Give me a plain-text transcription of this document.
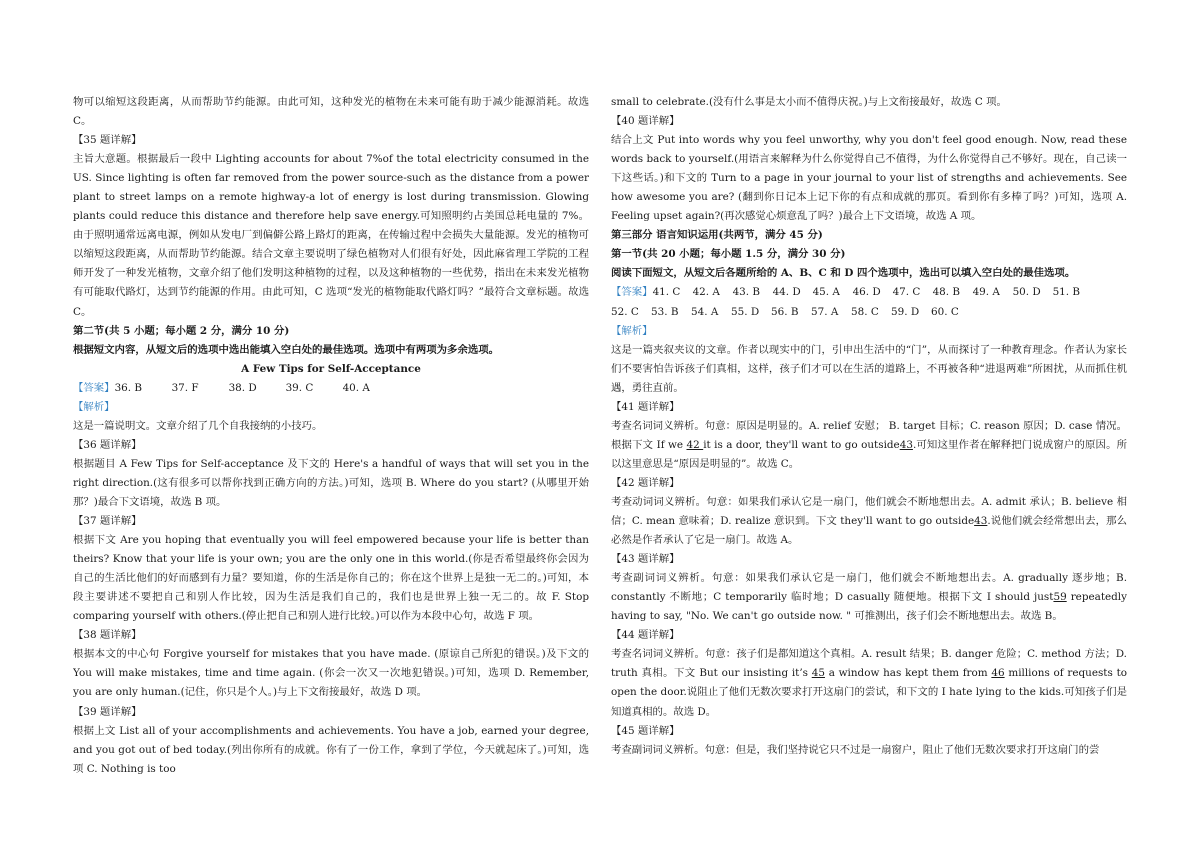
物可以缩短这段距离，从而帮助节约能源。由此可知，这种发光的植物在未来可能有助于减少能源消耗。故选C。

【35 题详解】

主旨大意题。根据最后一段中 Lighting accounts for about 7%of the total electricity consumed in the US. Since lighting is often far removed from the power source-such as the distance from a power plant to street lamps on a remote highway-a lot of energy is lost during transmission. Glowing plants could reduce this distance and therefore help save energy.可知照明约占美国总耗电量的 7%。由于照明通常远离电源，例如从发电厂到偏僻公路上路灯的距离，在传输过程中会损失大量能源。发光的植物可以缩短这段距离，从而帮助节约能源。结合文章主要说明了绿色植物对人们很有好处，因此麻省理工学院的工程师开发了一种发光植物，文章介绍了他们发明这种植物的过程，以及这种植物的一些优势，指出在未来发光植物有可能取代路灯，达到节约能源的作用。由此可知，C 选项“发光的植物能取代路灯吗？”最符合文章标题。故选 C。

第二节(共 5 小题；每小题 2 分，满分 10 分)

根据短文内容，从短文后的选项中选出能填入空白处的最佳选项。选项中有两项为多余选项。

A Few Tips for Self-Acceptance

【答案】36. B	37. F	38. D	39. C	40. A

【解析】

这是一篇说明文。文章介绍了几个自我接纳的小技巧。

【36 题详解】

根据题目 A Few Tips for Self-acceptance 及下文的 Here's a handful of ways that will set you in the right direction.(这有很多可以帮你找到正确方向的方法。)可知，选项 B. Where do you start? (从哪里开始那？)最合下文语境，故选 B 项。

【37 题详解】

根据下文 Are you hoping that eventually you will feel empowered because your life is better than theirs? Know that your life is your own; you are the only one in this world.(你是否希望最终你会因为自己的生活比他们的好而感到有力量？要知道，你的生活是你自己的；你在这个世界上是独一无二的。)可知，本段主要讲述不要把自己和别人作比较，因为生活是我们自己的，我们也是世界上独一无二的。故 F. Stop comparing yourself with others.(停止把自己和别人进行比较。)可以作为本段中心句，故选 F 项。

【38 题详解】

根据本文的中心句 Forgive yourself for mistakes that you have made. (原谅自己所犯的错误。)及下文的 You will make mistakes, time and time again. (你会一次又一次地犯错误。)可知，选项 D. Remember, you are only human.(记住，你只是个人。)与上下文衔接最好，故选 D 项。

【39 题详解】

根据上文 List all of your accomplishments and achievements. You have a job, earned your degree, and you got out of bed today.(列出你所有的成就。你有了一份工作，拿到了学位，今天就起床了。)可知，选项 C. Nothing is too

small to celebrate.(没有什么事是太小而不值得庆祝。)与上文衔接最好，故选 C 项。

【40 题详解】

结合上文 Put into words why you feel unworthy, why you don't feel good enough. Now, read these words back to yourself.(用语言来解释为什么你觉得自己不值得，为什么你觉得自己不够好。现在，自己读一下这些话。)和下文的 Turn to a page in your journal to your list of strengths and achievements. See how awesome you are? (翻到你日记本上记下你的有点和成就的那页。看到你有多棒了吗？)可知，选项 A. Feeling upset again?(再次感觉心烦意乱了吗？)最合上下文语境，故选 A 项。

第三部分 语言知识运用(共两节，满分 45 分)

第一节(共 20 小题；每小题 1.5 分，满分 30 分)

阅读下面短文，从短文后各题所给的 A、B、C 和 D 四个选项中，选出可以填入空白处的最佳选项。

【答案】41. C 42. A 43. B 44. D 45. A 46. D 47. C 48. B 49. A 50. D 51. B

52. C 53. B 54. A 55. D 56. B 57. A 58. C 59. D 60. C

【解析】

这是一篇夹叙夹议的文章。作者以现实中的门，引申出生活中的“门”，从而探讨了一种教育理念。作者认为家长们不要害怕告诉孩子们真相，这样，孩子们才可以在生活的道路上，不再被各种“进退两难”所困扰，从而抓住机遇，勇往直前。

【41 题详解】

考查名词词义辨析。句意：原因是明显的。A. relief 安慰； B. target 目标；C. reason 原因；D. case 情况。根据下文 If we 42 it is a door, they'll want to go outside43.可知这里作者在解释把门说成窗户的原因。所以这里意思是“原因是明显的”。故选 C。

【42 题详解】

考查动词词义辨析。句意：如果我们承认它是一扇门，他们就会不断地想出去。A. admit 承认；B. believe 相信；C. mean 意味着；D. realize 意识到。下文 they'll want to go outside43.说他们就会经常想出去，那么必然是作者承认了它是一扇门。故选 A。

【43 题详解】

考查副词词义辨析。句意：如果我们承认它是一扇门，他们就会不断地想出去。A. gradually 逐步地；B. constantly 不断地；C temporarily 临时地；D casually 随便地。根据下文 I should just59 repeatedly having to say, "No. We can't go outside now. " 可推测出，孩子们会不断地想出去。故选 B。

【44 题详解】

考查名词词义辨析。句意：孩子们是都知道这个真相。A. result 结果；B. danger 危险；C. method 方法；D. truth 真相。下文 But our insisting it’s 45 a window has kept them from 46 millions of requests to open the door.说阻止了他们无数次要求打开这扇门的尝试，和下文的 I hate lying to the kids.可知孩子们是知道真相的。故选 D。

【45 题详解】

考查副词词义辨析。句意：但是，我们坚持说它只不过是一扇窗户，阻止了他们无数次要求打开这扇门的尝
